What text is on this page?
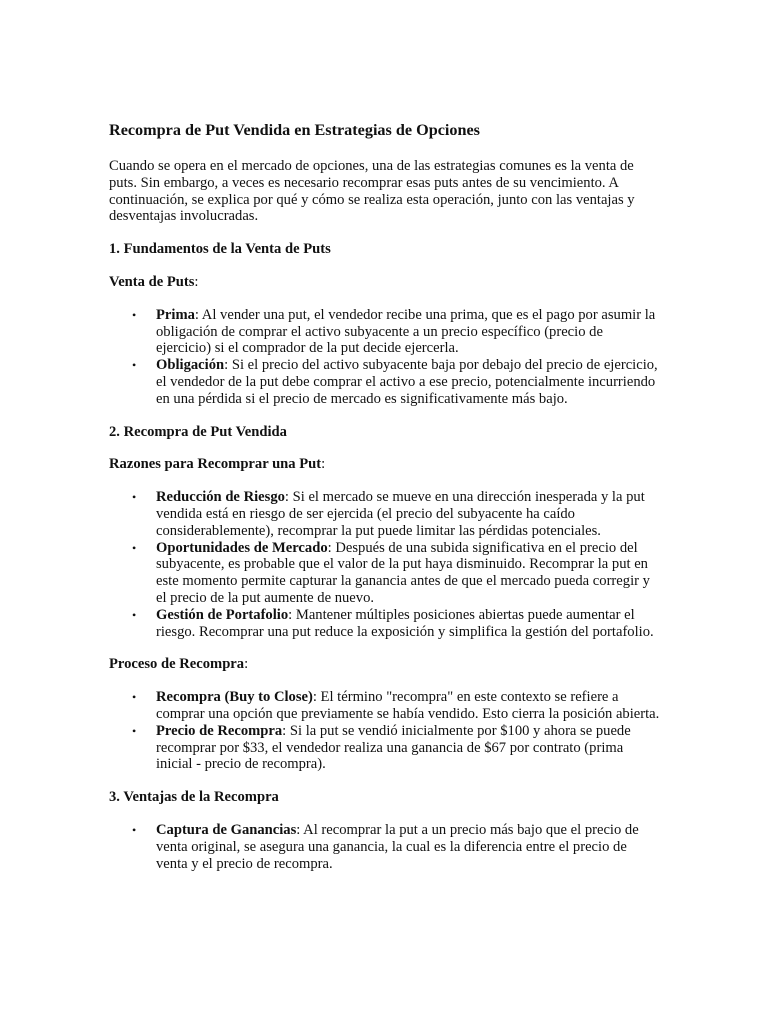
Recompra de Put Vendida en Estrategias de Opciones

Cuando se opera en el mercado de opciones, una de las estrategias comunes es la venta de puts. Sin embargo, a veces es necesario recomprar esas puts antes de su vencimiento. A continuación, se explica por qué y cómo se realiza esta operación, junto con las ventajas y desventajas involucradas.

1. Fundamentos de la Venta de Puts
Venta de Puts:
• Prima: Al vender una put, el vendedor recibe una prima, que es el pago por asumir la obligación de comprar el activo subyacente a un precio específico (precio de ejercicio) si el comprador de la put decide ejercerla.
• Obligación: Si el precio del activo subyacente baja por debajo del precio de ejercicio, el vendedor de la put debe comprar el activo a ese precio, potencialmente incurriendo en una pérdida si el precio de mercado es significativamente más bajo.
2. Recompra de Put Vendida
Razones para Recomprar una Put:
• Reducción de Riesgo: Si el mercado se mueve en una dirección inesperada y la put vendida está en riesgo de ser ejercida (el precio del subyacente ha caído considerablemente), recomprar la put puede limitar las pérdidas potenciales.
• Oportunidades de Mercado: Después de una subida significativa en el precio del subyacente, es probable que el valor de la put haya disminuido. Recomprar la put en este momento permite capturar la ganancia antes de que el mercado pueda corregir y el precio de la put aumente de nuevo.
• Gestión de Portafolio: Mantener múltiples posiciones abiertas puede aumentar el riesgo. Recomprar una put reduce la exposición y simplifica la gestión del portafolio.
Proceso de Recompra:
• Recompra (Buy to Close): El término "recompra" en este contexto se refiere a comprar una opción que previamente se había vendido. Esto cierra la posición abierta.
• Precio de Recompra: Si la put se vendió inicialmente por $100 y ahora se puede recomprar por $33, el vendedor realiza una ganancia de $67 por contrato (prima inicial - precio de recompra).
3. Ventajas de la Recompra
• Captura de Ganancias: Al recomprar la put a un precio más bajo que el precio de venta original, se asegura una ganancia, la cual es la diferencia entre el precio de venta y el precio de recompra.
